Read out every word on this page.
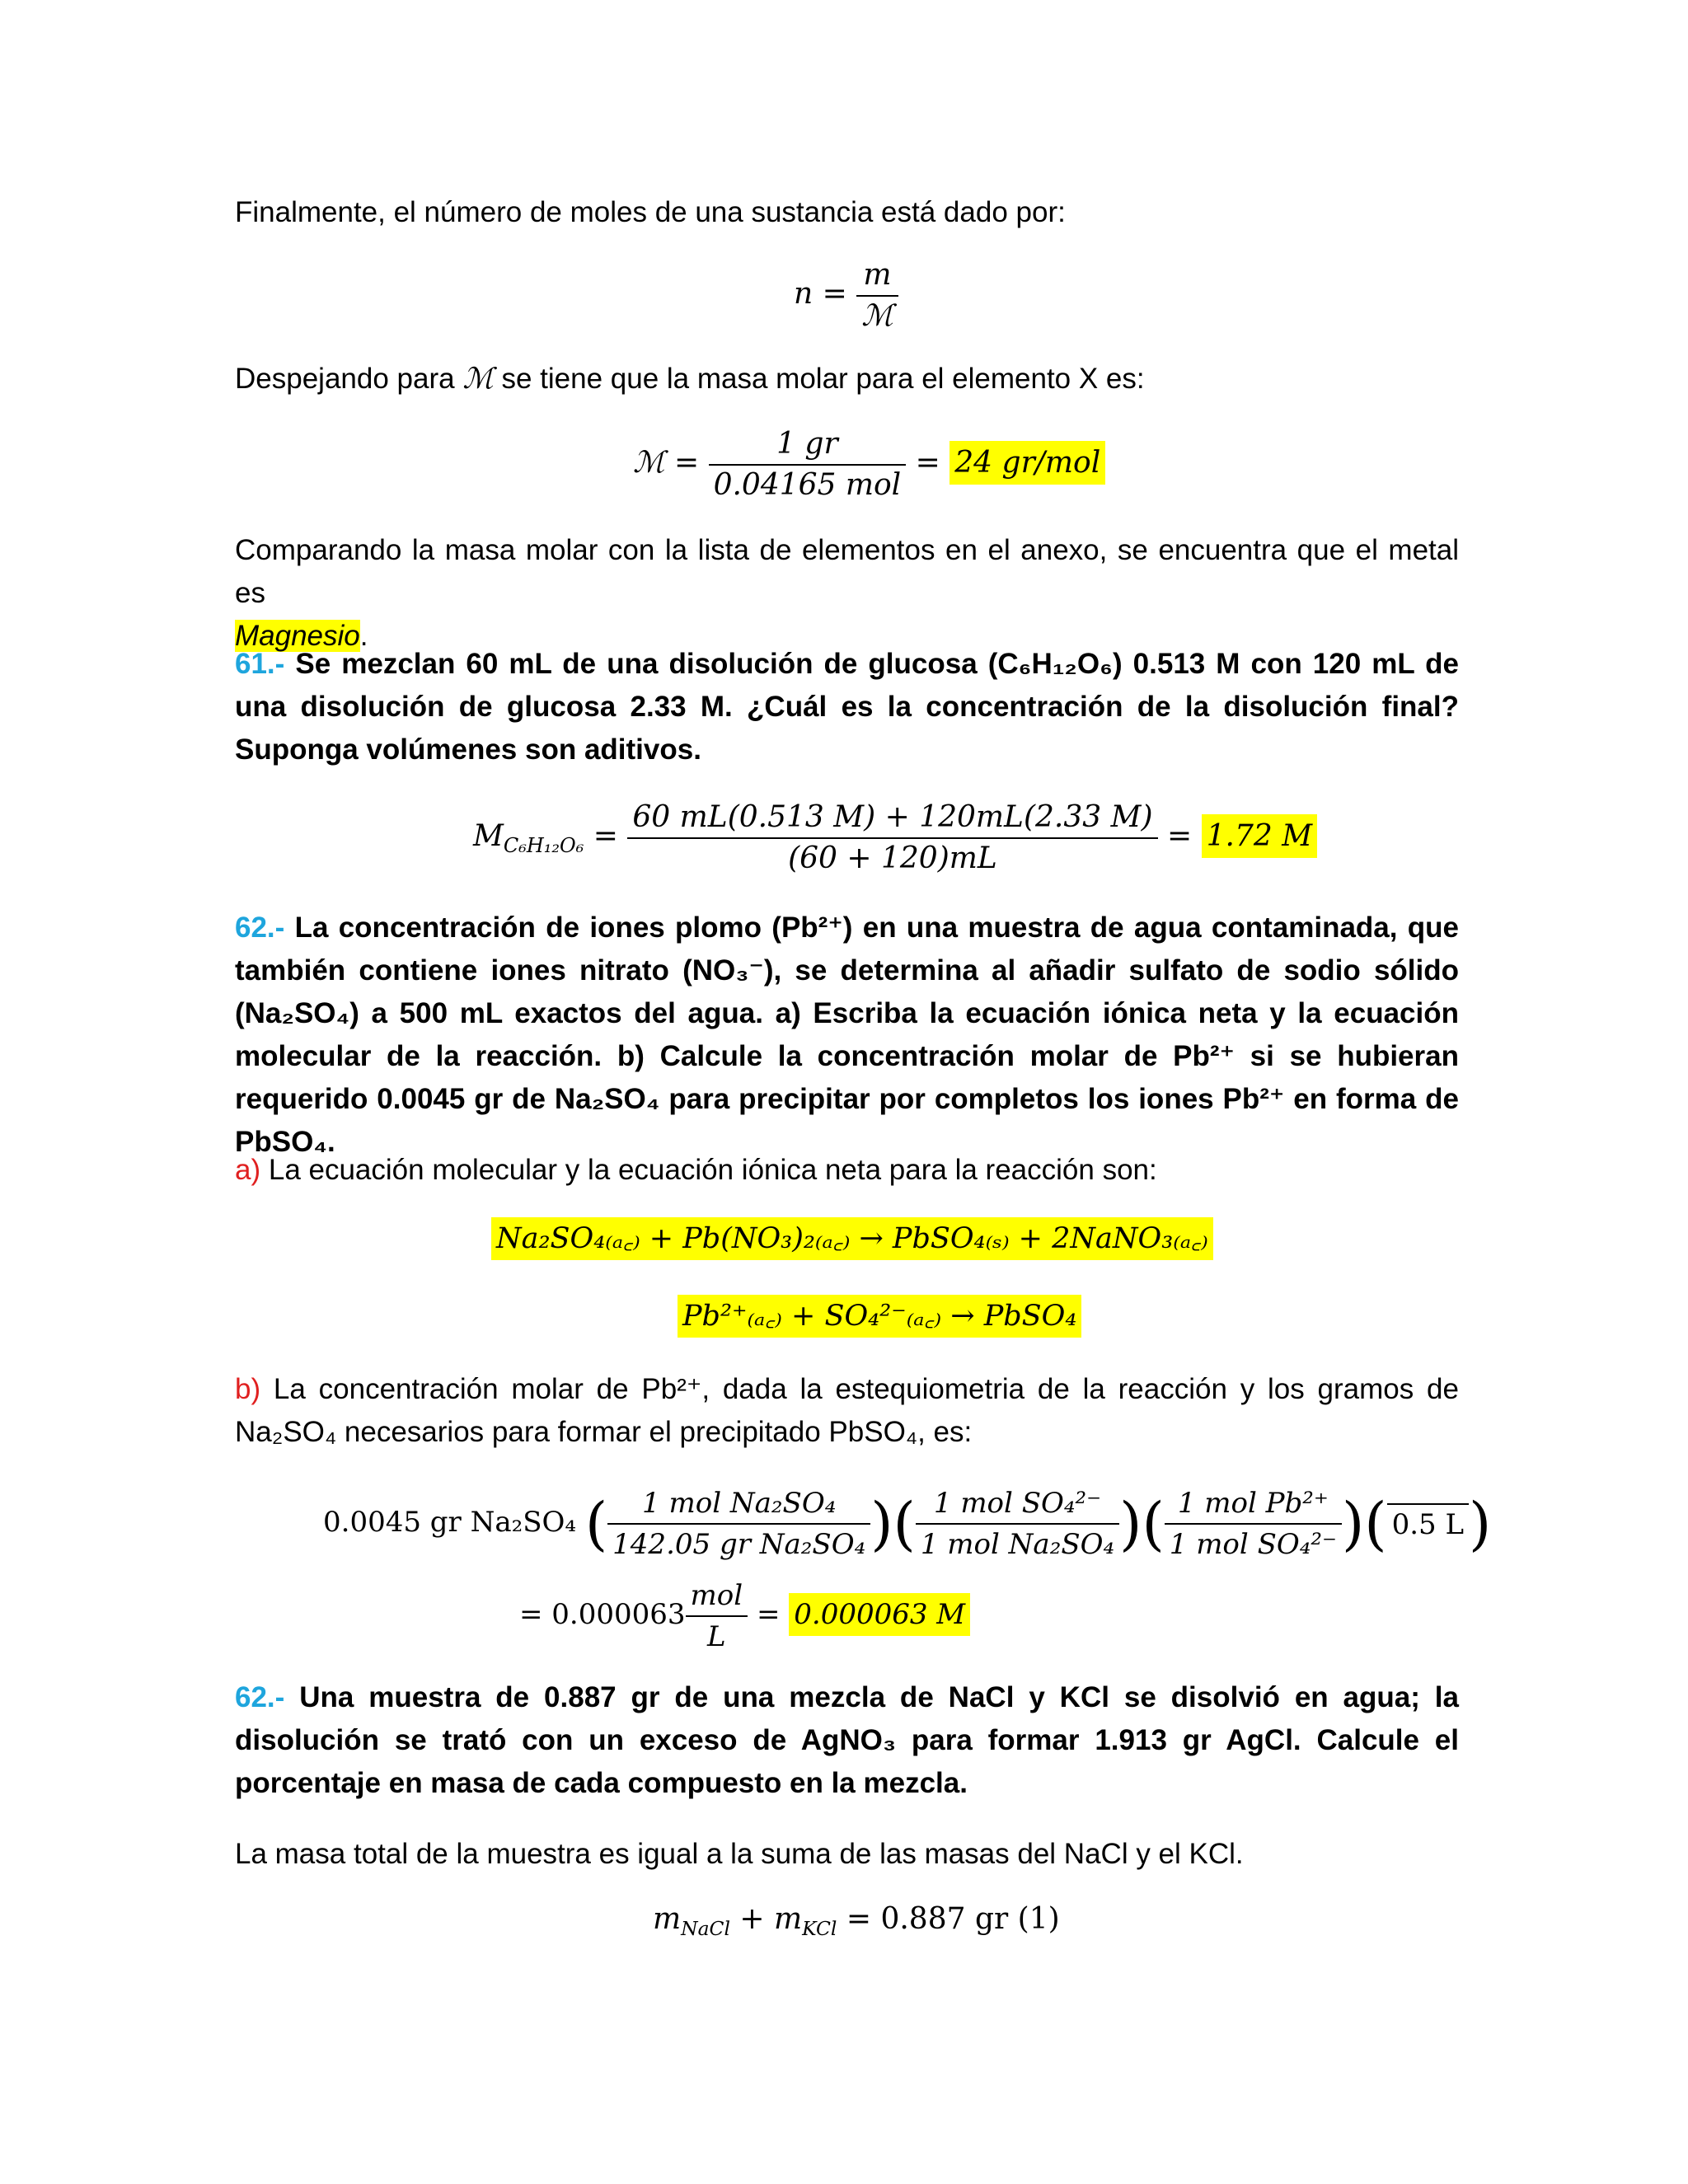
Finalmente, el número de moles de una sustancia está dado por:
$n = \frac{m}{\text{ℳ}}$
Despejando para ℳ se tiene que la masa molar para el elemento X es:
ℳ = $\frac{1 gr}{\text{0.04165 mol}} = 24$ gr/mol
Comparando la masa molar con la lista de elementos en el anexo, se encuentra que el metal es
Magnesio.
61.- Se mezclan 60 mL de una disolución de glucosa (C₆H₁₂O₆) 0.513 M con 120 mL de una disolución de glucosa 2.33 M. ¿Cuál es la concentración de la disolución final? Suponga volúmenes son aditivos.
$M_{C_6H_{12}O_6} = \frac{60 mL(0.513 M) + 120mL(2.33 M)}{(60 + 120)mL} = 1.72$ M
62.- La concentración de iones plomo (Pb²⁺) en una muestra de agua contaminada, que también contiene iones nitrato (NO₃⁻), se determina al añadir sulfato de sodio sólido (Na₂SO₄) a 500 mL exactos del agua. a) Escriba la ecuación iónica neta y la ecuación molecular de la reacción. b) Calcule la concentración molar de Pb²⁺ si se hubieran requerido 0.0045 gr de Na₂SO₄ para precipitar por completos los iones Pb²⁺ en forma de PbSO₄.
a) La ecuación molecular y la ecuación iónica neta para la reacción son:
Na₂SO₄₍ₐ꜀₎ + Pb(NO₃)₂₍ₐ꜀₎ → PbSO₄₍ₛ₎ + 2NaNO₃₍ₐ꜀₎
Pb²⁺₍ₐ꜀₎ + SO₄²⁻₍ₐ꜀₎ → PbSO₄
b) La concentración molar de Pb²⁺, dada la estequiometria de la reacción y los gramos de Na₂SO₄ necesarios para formar el precipitado PbSO₄, es:
0.0045 gr Na₂SO₄ ( $\frac{\text{1 mol Na₂SO₄}}{\text{142.05 gr Na₂SO₄}}$ )( $\frac{\text{1 mol SO₄²⁻}}{\text{1 mol Na₂SO₄}}$ )( $\frac{\text{1 mol Pb²⁺}}{\text{1 mol SO₄²⁻}}$ )( 0.5 L )
= $0.000063 \frac{\text{mol}}{L} = 0.000063$ M
62.- Una muestra de 0.887 gr de una mezcla de NaCl y KCl se disolvió en agua; la disolución se trató con un exceso de AgNO₃ para formar 1.913 gr AgCl. Calcule el porcentaje en masa de cada compuesto en la mezcla.
La masa total de la muestra es igual a la suma de las masas del NaCl y el KCl.
$m_{NaCl} + m_{KCl} = 0.887$ gr (1)
